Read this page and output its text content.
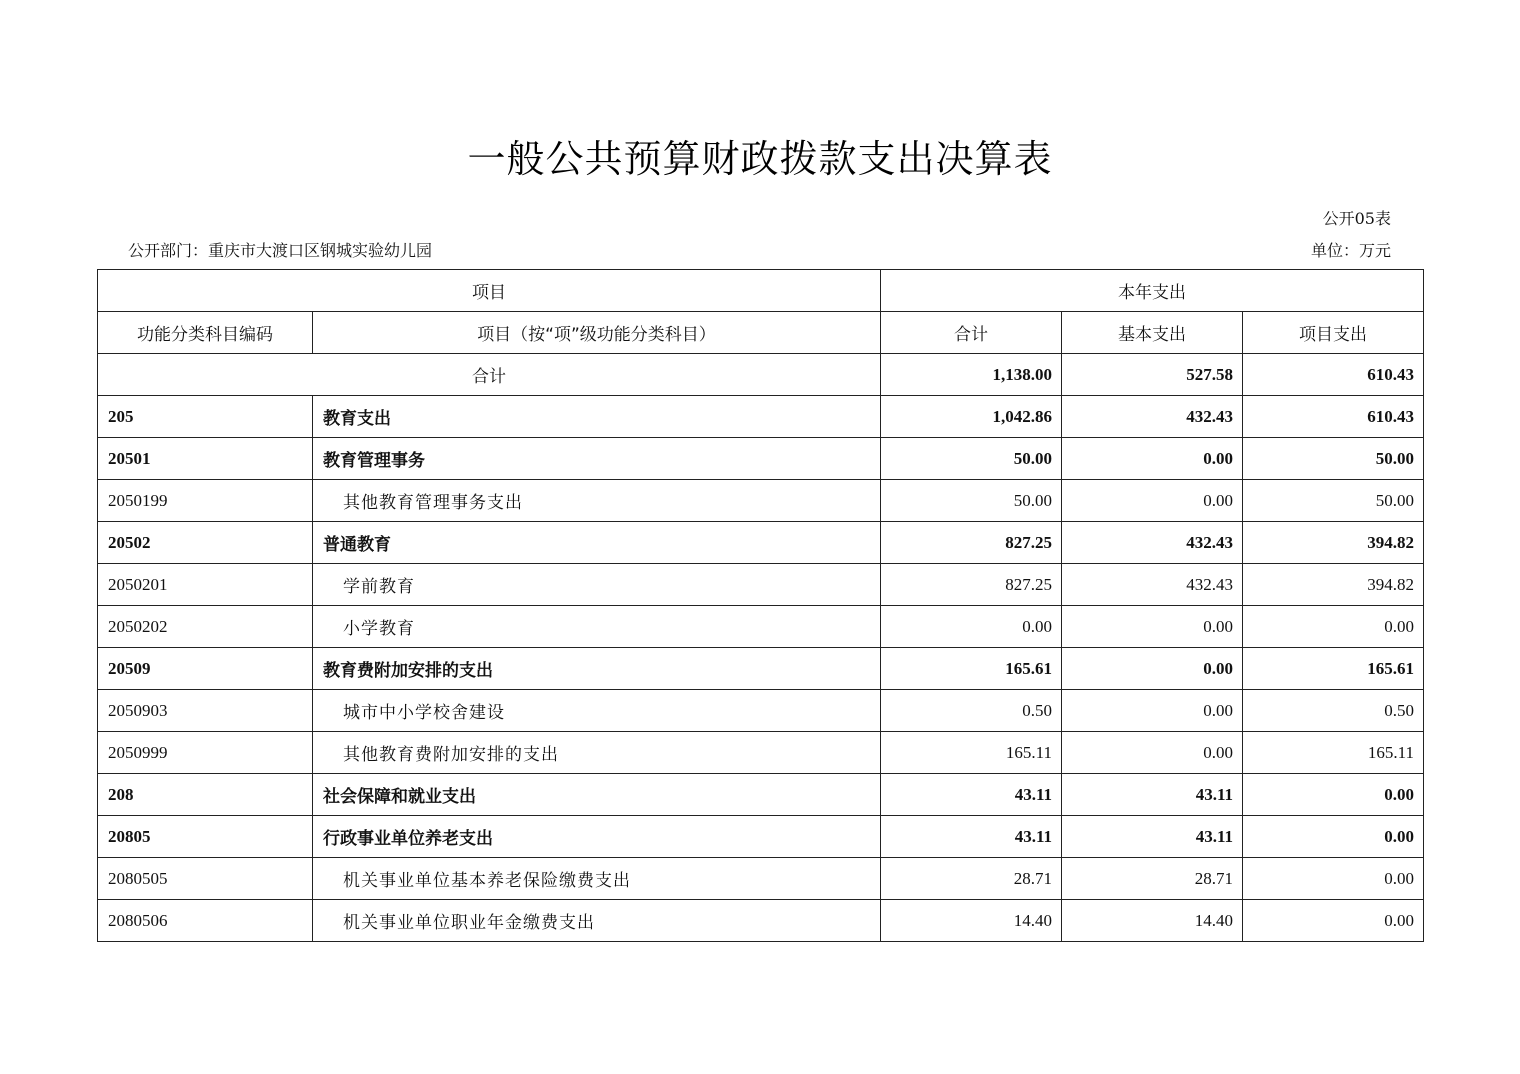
一般公共预算财政拨款支出决算表
公开05表
公开部门：重庆市大渡口区钢城实验幼儿园	单位：万元
项目		本年支出		
功能分类科目编码	项目（按“项”级功能分类科目）	合计	基本支出	项目支出
合计		1,138.00	527.58	610.43
205	教育支出	1,042.86	432.43	610.43
20501	教育管理事务	50.00	0.00	50.00
2050199	其他教育管理事务支出	50.00	0.00	50.00
20502	普通教育	827.25	432.43	394.82
2050201	学前教育	827.25	432.43	394.82
2050202	小学教育	0.00	0.00	0.00
20509	教育费附加安排的支出	165.61	0.00	165.61
2050903	城市中小学校舍建设	0.50	0.00	0.50
2050999	其他教育费附加安排的支出	165.11	0.00	165.11
208	社会保障和就业支出	43.11	43.11	0.00
20805	行政事业单位养老支出	43.11	43.11	0.00
2080505	机关事业单位基本养老保险缴费支出	28.71	28.71	0.00
2080506	机关事业单位职业年金缴费支出	14.40	14.40	0.00
